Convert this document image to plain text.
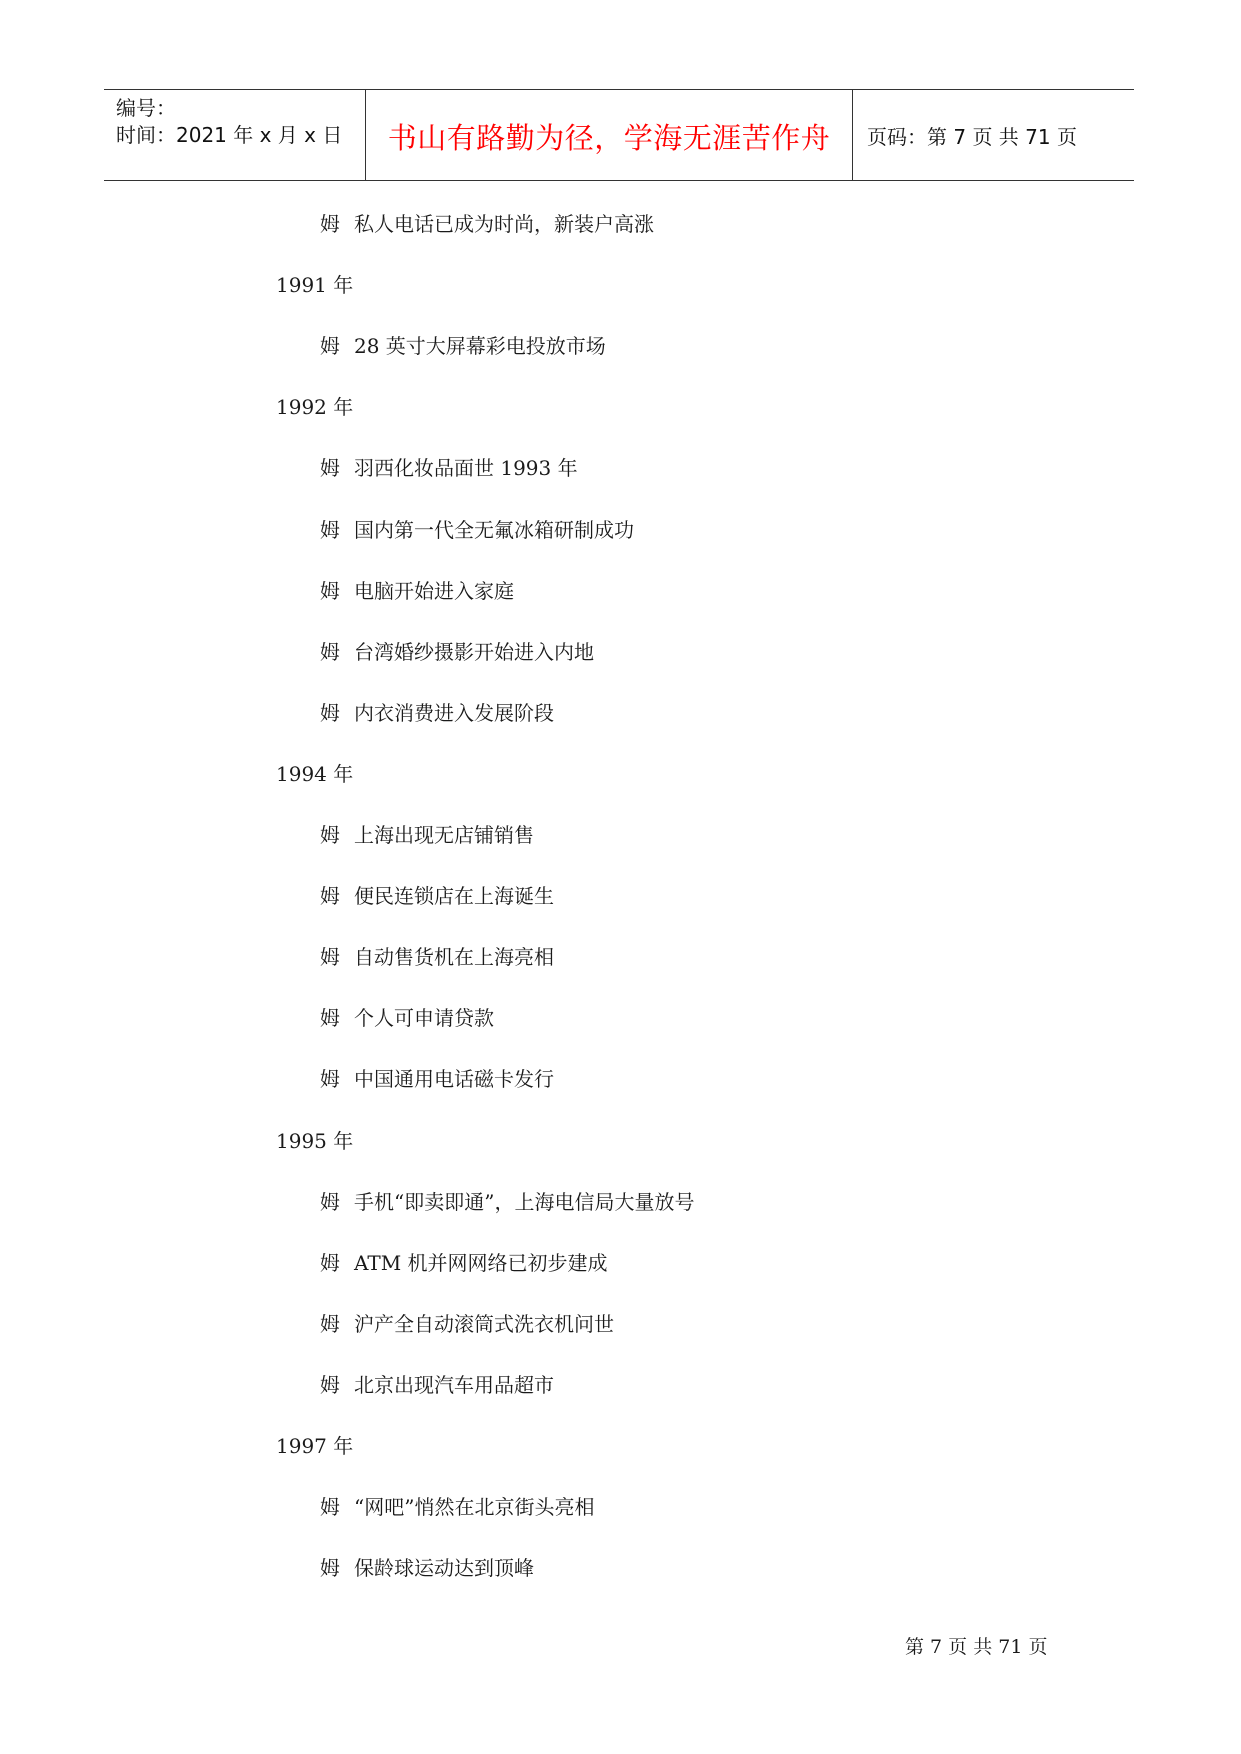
编号：
时间：2021 年 x 月 x 日	书山有路勤为径，学海无涯苦作舟	页码：第 7 页 共 71 页
姆 私人电话已成为时尚，新装户高涨
1991 年
姆 28 英寸大屏幕彩电投放市场
1992 年
姆 羽西化妆品面世 1993 年
姆 国内第一代全无氟冰箱研制成功
姆 电脑开始进入家庭
姆 台湾婚纱摄影开始进入内地
姆 内衣消费进入发展阶段
1994 年
姆 上海出现无店铺销售
姆 便民连锁店在上海诞生
姆 自动售货机在上海亮相
姆 个人可申请贷款
姆 中国通用电话磁卡发行
1995 年
姆 手机“即卖即通”，上海电信局大量放号
姆 ATM 机并网网络已初步建成
姆 沪产全自动滚筒式洗衣机问世
姆 北京出现汽车用品超市
1997 年
姆 “网吧”悄然在北京街头亮相
姆 保龄球运动达到顶峰
第 7 页 共 71 页
